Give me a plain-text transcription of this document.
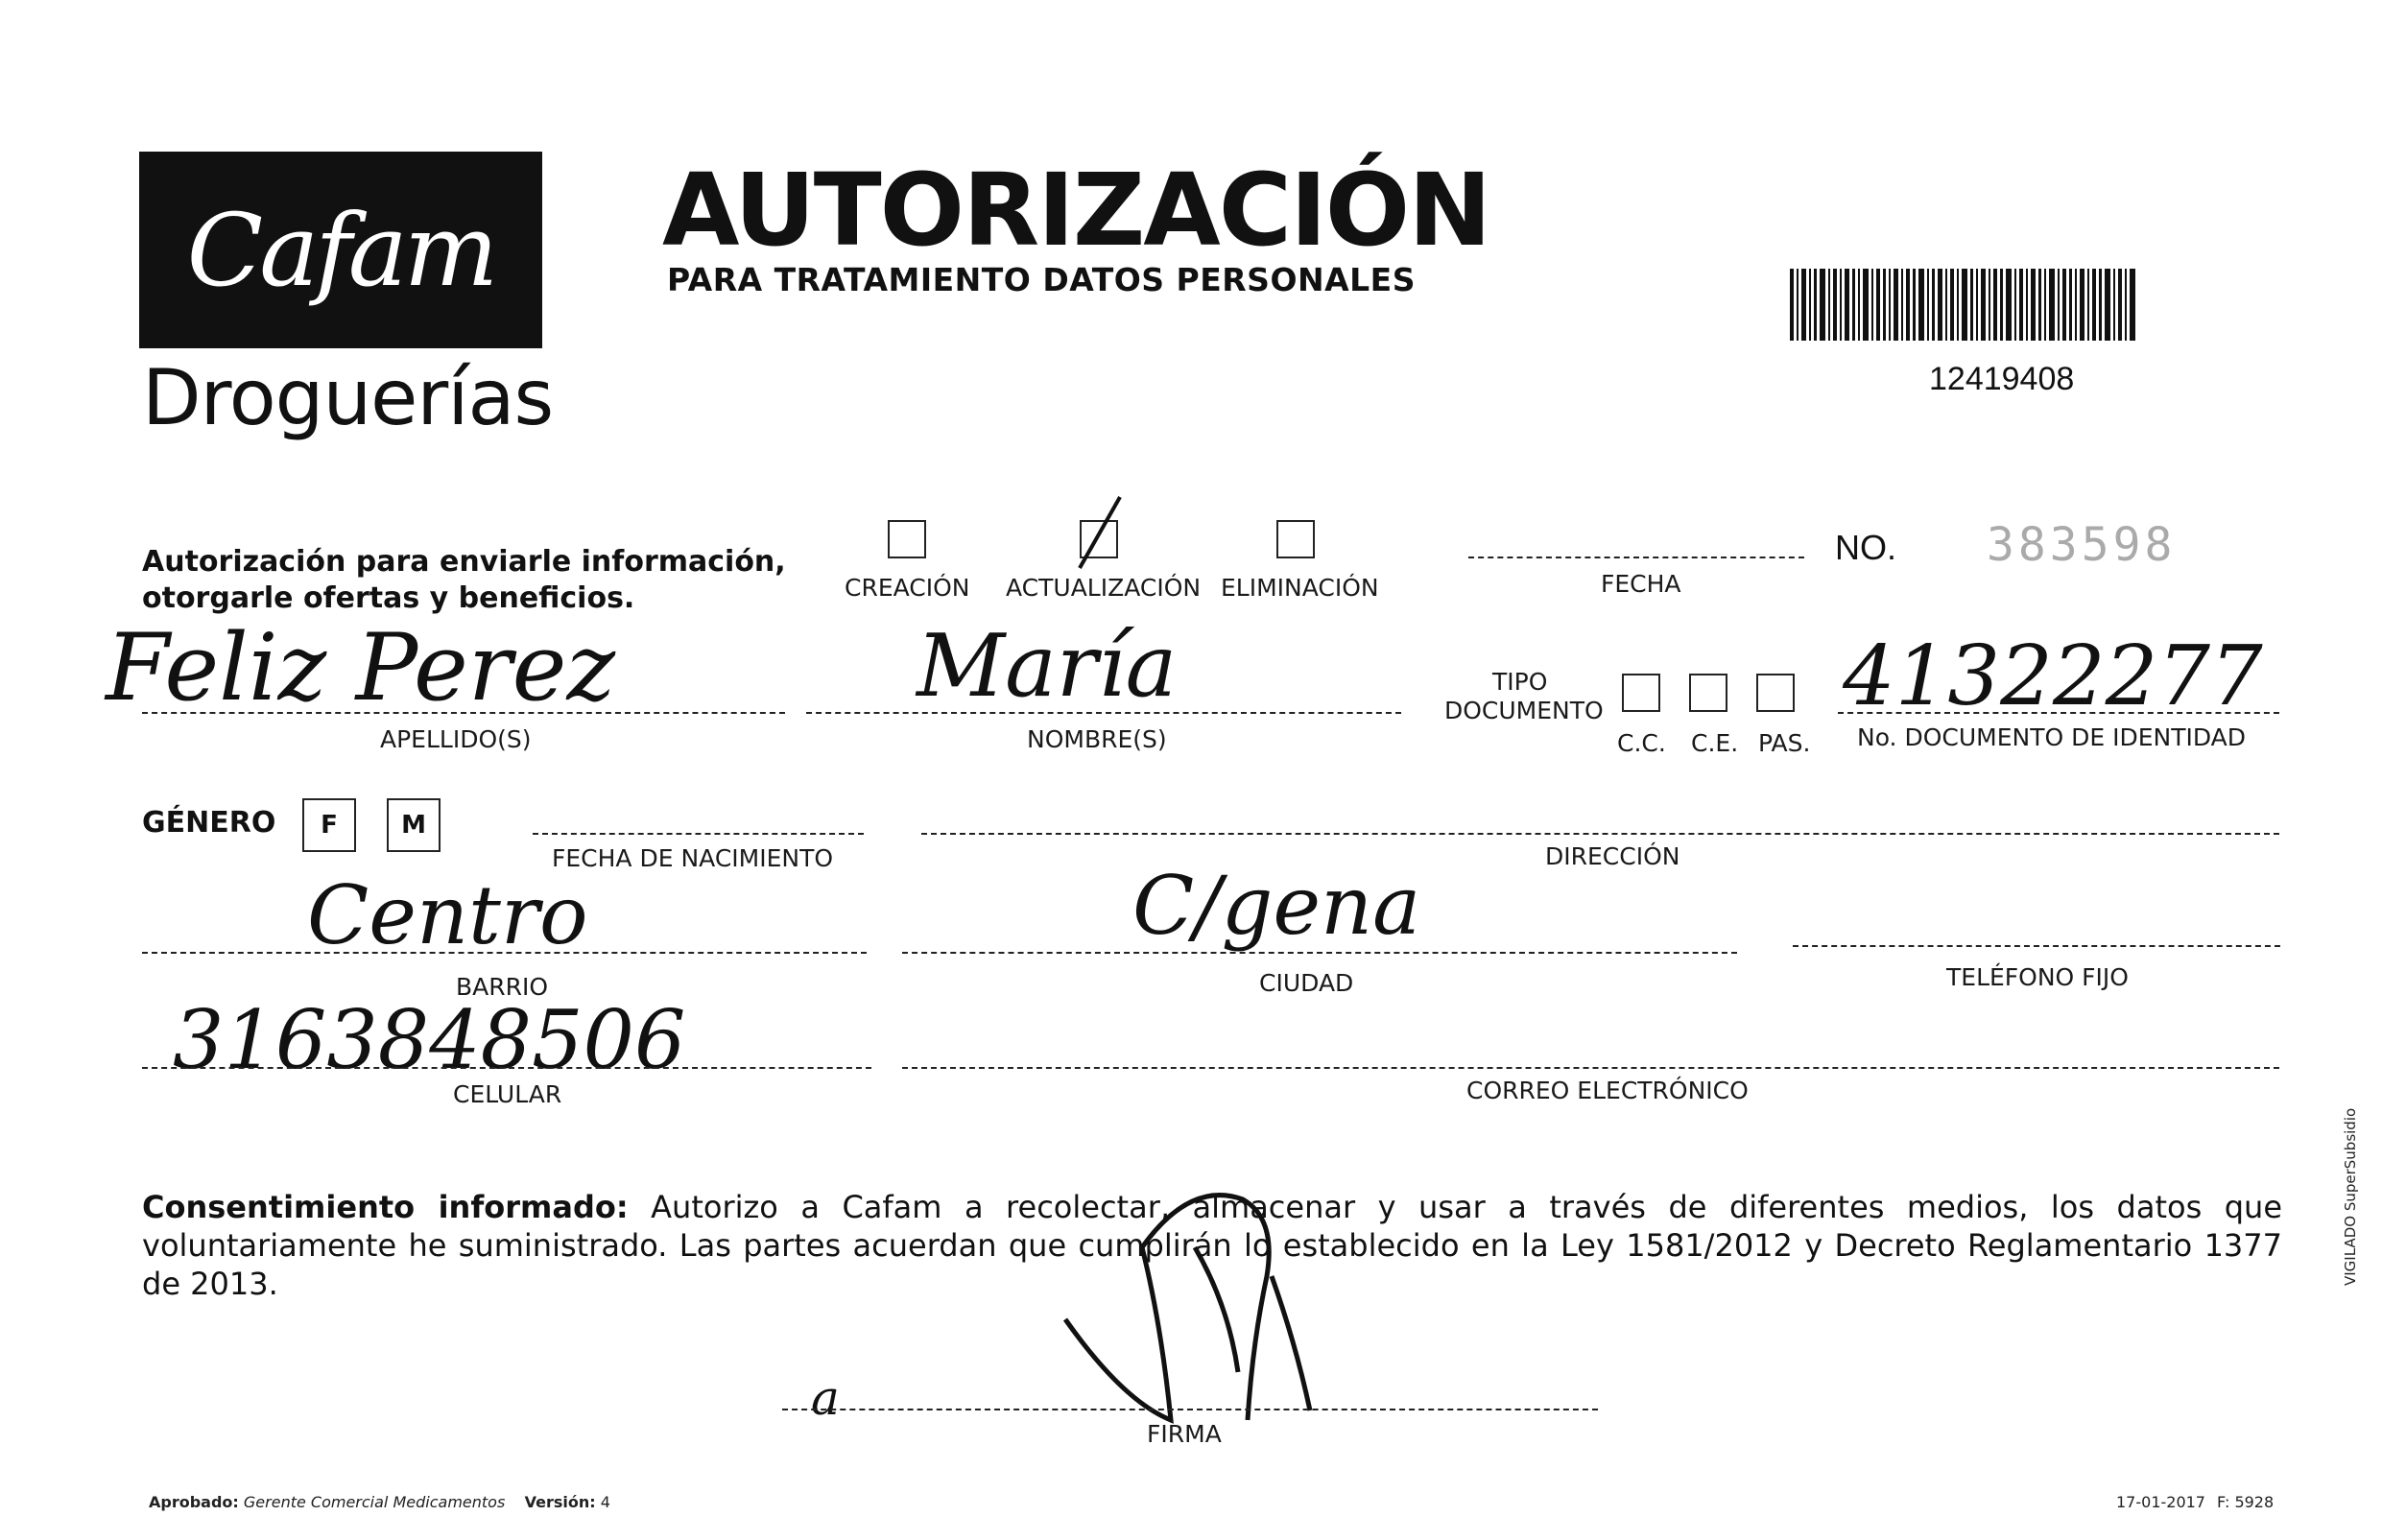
Cafam
Droguerías
AUTORIZACIÓN
PARA TRATAMIENTO DATOS PERSONALES
12419408
Autorización para enviarle información,
otorgarle ofertas y beneficios.	CREACIÓN ACTUALIZACIÓN ELIMINACIÓN	FECHA
NO. 383598
Feliz Perez
APELLIDO(S)
María
NOMBRE(S)
TIPO
DOCUMENTO
C.C. C.E. PAS.
41322277
No. DOCUMENTO DE IDENTIDAD
GÉNERO	F	M
FECHA DE NACIMIENTO	DIRECCIÓN
Centro
BARRIO
C/gena
CIUDAD	TELÉFONO FIJO
3163848506
CELULAR	CORREO ELECTRÓNICO
Consentimiento informado: Autorizo a Cafam a recolectar, almacenar y usar a través de diferentes medios, los datos que voluntariamente he suministrado. Las partes acuerdan que cumplirán lo establecido en la Ley 1581/2012 y Decreto Reglamentario 1377 de 2013.
a
FIRMA
Aprobado: Gerente Comercial Medicamentos Versión: 4	17-01-2017 F: 5928
VIGILADO SuperSubsidio
